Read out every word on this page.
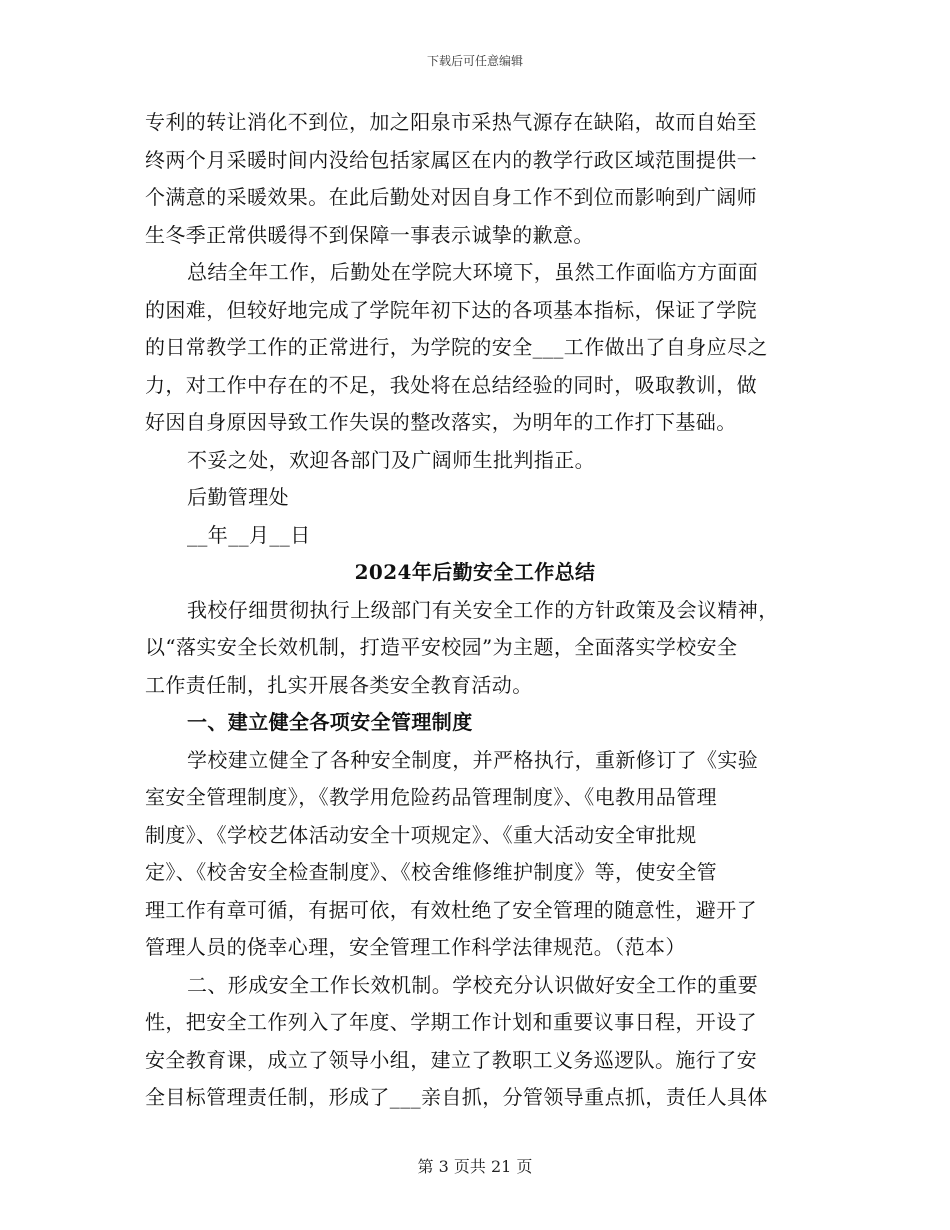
下载后可任意编辑
专利的转让消化不到位，加之阳泉市采热气源存在缺陷，故而自始至
终两个月采暖时间内没给包括家属区在内的教学行政区域范围提供一
个满意的采暖效果。在此后勤处对因自身工作不到位而影响到广阔师
生冬季正常供暖得不到保障一事表示诚挚的歉意。
总结全年工作，后勤处在学院大环境下，虽然工作面临方方面面
的困难，但较好地完成了学院年初下达的各项基本指标，保证了学院
的日常教学工作的正常进行，为学院的安全___工作做出了自身应尽之
力，对工作中存在的不足，我处将在总结经验的同时，吸取教训，做
好因自身原因导致工作失误的整改落实，为明年的工作打下基础。
不妥之处，欢迎各部门及广阔师生批判指正。
后勤管理处
__年__月__日
2024年后勤安全工作总结
我校仔细贯彻执行上级部门有关安全工作的方针政策及会议精神，
以“落实安全长效机制，打造平安校园”为主题，全面落实学校安全
工作责任制，扎实开展各类安全教育活动。
一、建立健全各项安全管理制度
学校建立健全了各种安全制度，并严格执行，重新修订了《实验
室安全管理制度》，《教学用危险药品管理制度》、《电教用品管理
制度》、《学校艺体活动安全十项规定》、《重大活动安全审批规
定》、《校舍安全检查制度》、《校舍维修维护制度》等，使安全管
理工作有章可循，有据可依，有效杜绝了安全管理的随意性，避开了
管理人员的侥幸心理，安全管理工作科学法律规范。（范本）
二、形成安全工作长效机制。学校充分认识做好安全工作的重要
性，把安全工作列入了年度、学期工作计划和重要议事日程，开设了
安全教育课，成立了领导小组，建立了教职工义务巡逻队。施行了安
全目标管理责任制，形成了___亲自抓，分管领导重点抓，责任人具体
第 3 页共 21 页
